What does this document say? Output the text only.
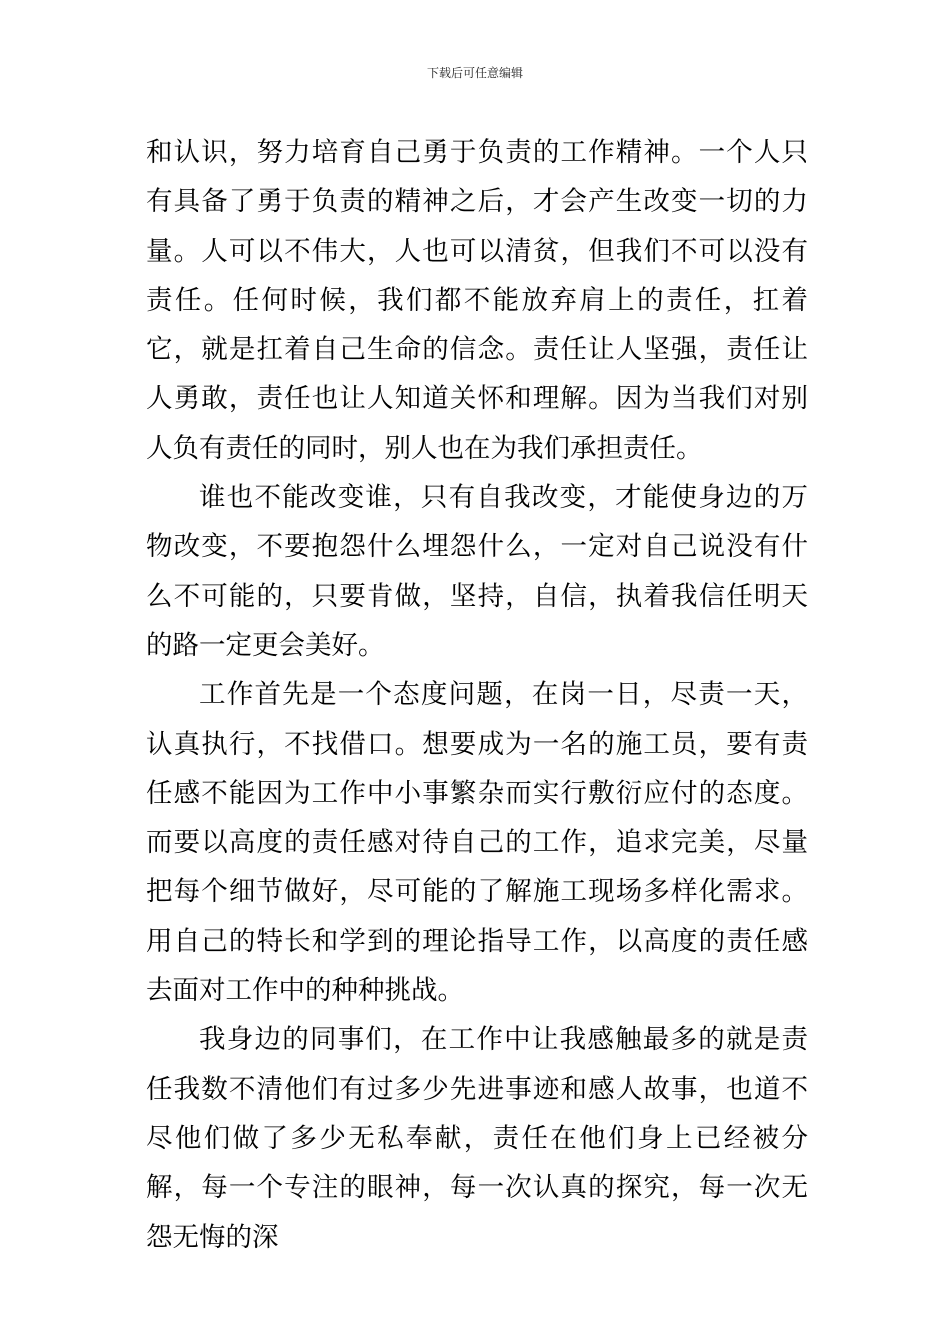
下载后可任意编辑

和认识，努力培育自己勇于负责的工作精神。一个人只有具备了勇于负责的精神之后，才会产生改变一切的力量。人可以不伟大，人也可以清贫，但我们不可以没有责任。任何时候，我们都不能放弃肩上的责任，扛着它，就是扛着自己生命的信念。责任让人坚强，责任让人勇敢，责任也让人知道关怀和理解。因为当我们对别人负有责任的同时，别人也在为我们承担责任。

谁也不能改变谁，只有自我改变，才能使身边的万物改变，不要抱怨什么埋怨什么，一定对自己说没有什么不可能的，只要肯做，坚持，自信，执着我信任明天的路一定更会美好。

工作首先是一个态度问题，在岗一日，尽责一天，认真执行，不找借口。想要成为一名的施工员，要有责任感不能因为工作中小事繁杂而实行敷衍应付的态度。而要以高度的责任感对待自己的工作，追求完美，尽量把每个细节做好，尽可能的了解施工现场多样化需求。用自己的特长和学到的理论指导工作，以高度的责任感去面对工作中的种种挑战。

我身边的同事们，在工作中让我感触最多的就是责任我数不清他们有过多少先进事迹和感人故事，也道不尽他们做了多少无私奉献，责任在他们身上已经被分解，每一个专注的眼神，每一次认真的探究，每一次无怨无悔的深
